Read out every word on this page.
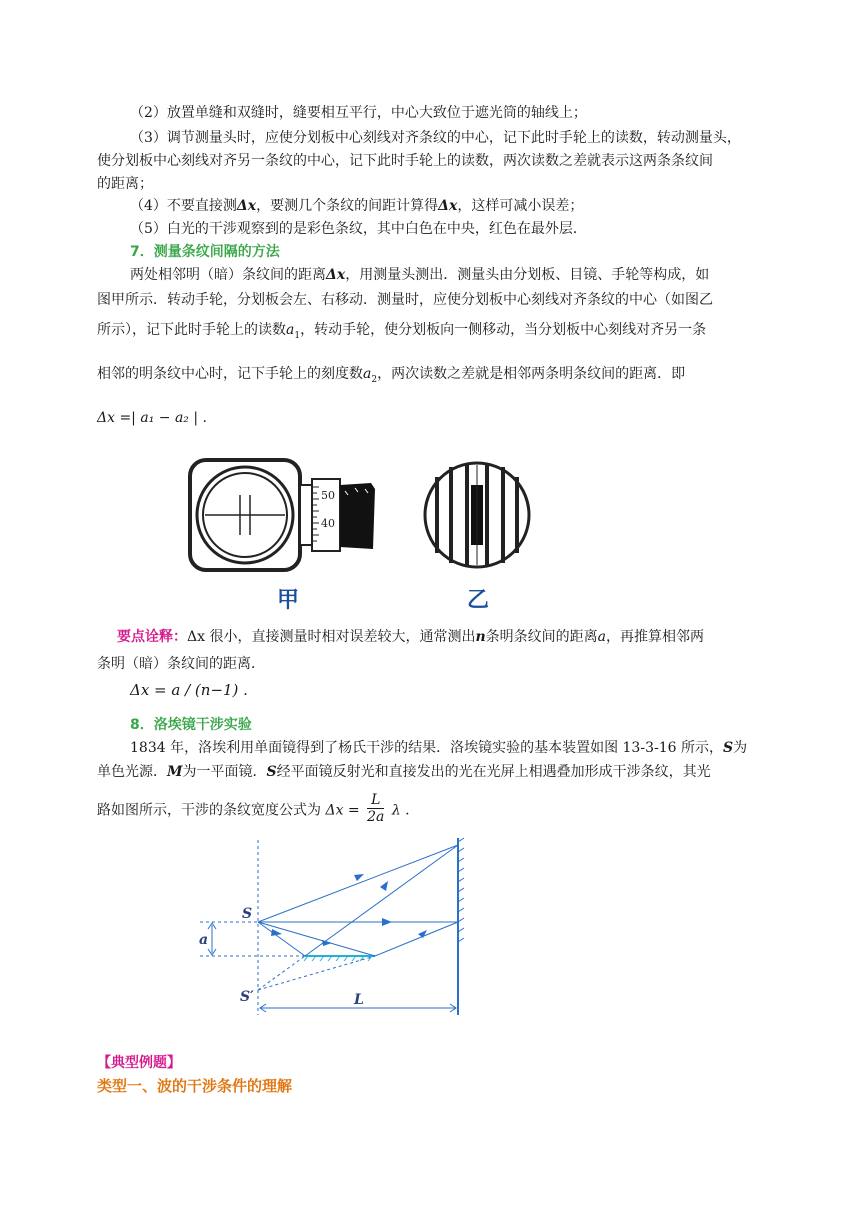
（2）放置单缝和双缝时，缝要相互平行，中心大致位于遮光筒的轴线上；
（3）调节测量头时，应使分划板中心刻线对齐条纹的中心，记下此时手轮上的读数，转动测量头，
使分划板中心刻线对齐另一条纹的中心，记下此时手轮上的读数，两次读数之差就表示这两条条纹间
的距离；
（4）不要直接测Δx，要测几个条纹的间距计算得Δx，这样可减小误差；
（5）白光的干涉观察到的是彩色条纹，其中白色在中央，红色在最外层．
7．测量条纹间隔的方法
两处相邻明（暗）条纹间的距离Δx，用测量头测出．测量头由分划板、目镜、手轮等构成，如
图甲所示．转动手轮，分划板会左、右移动．测量时，应使分划板中心刻线对齐条纹的中心（如图乙
所示），记下此时手轮上的读数$a_1$，转动手轮，使分划板向一侧移动，当分划板中心刻线对齐另一条
相邻的明条纹中心时，记下手轮上的刻度数$a_2$，两次读数之差就是相邻两条明条纹间的距离．即
Δx =| a₁ − a₂ | .
50
40
甲	乙
要点诠释：Δx 很小，直接测量时相对误差较大，通常测出n条明条纹间的距离a，再推算相邻两
条明（暗）条纹间的距离．
Δx = a / (n−1) .
8．洛埃镜干涉实验
1834 年，洛埃利用单面镜得到了杨氏干涉的结果．洛埃镜实验的基本装置如图 13-3-16 所示，S为
单色光源．M为一平面镜．S经平面镜反射光和直接发出的光在光屏上相遇叠加形成干涉条纹，其光
路如图所示，干涉的条纹宽度公式为 $\Delta x = \frac{L}{2a}$ λ .
S
S′
a
L
【典型例题】
类型一、波的干涉条件的理解
